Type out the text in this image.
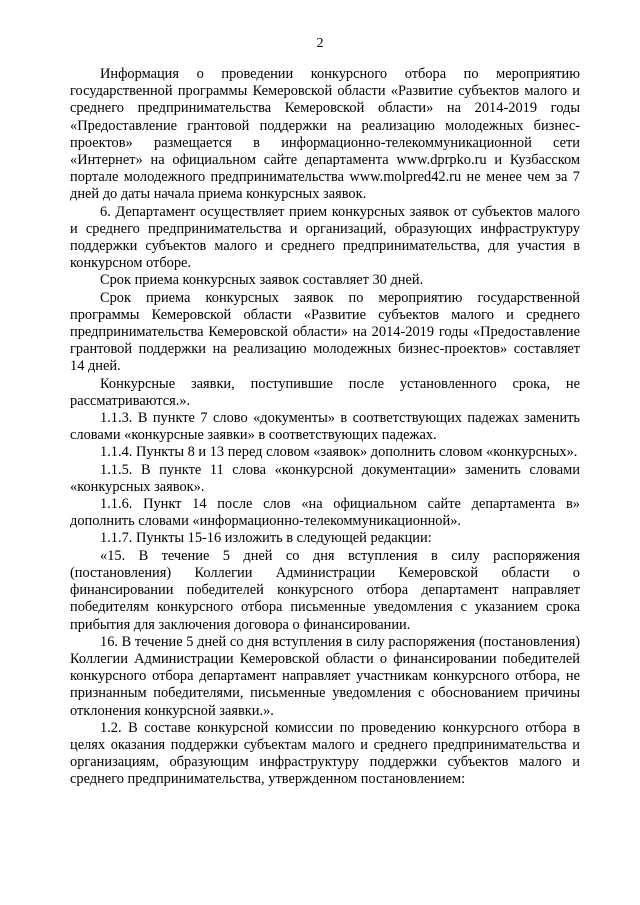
2

Информация о проведении конкурсного отбора по мероприятию государственной программы Кемеровской области «Развитие субъектов малого и среднего предпринимательства Кемеровской области» на 2014-2019 годы «Предоставление грантовой поддержки на реализацию молодежных бизнес-проектов» размещается в информационно-телекоммуникационной сети «Интернет» на официальном сайте департамента www.dprpko.ru и Кузбасском портале молодежного предпринимательства www.molpred42.ru не менее чем за 7 дней до даты начала приема конкурсных заявок.

6. Департамент осуществляет прием конкурсных заявок от субъектов малого и среднего предпринимательства и организаций, образующих инфраструктуру поддержки субъектов малого и среднего предпринимательства, для участия в конкурсном отборе.

Срок приема конкурсных заявок составляет 30 дней.

Срок приема конкурсных заявок по мероприятию государственной программы Кемеровской области «Развитие субъектов малого и среднего предпринимательства Кемеровской области» на 2014-2019 годы «Предоставление грантовой поддержки на реализацию молодежных бизнес-проектов» составляет 14 дней.

Конкурсные заявки, поступившие после установленного срока, не рассматриваются.».

1.1.3. В пункте 7 слово «документы» в соответствующих падежах заменить словами «конкурсные заявки» в соответствующих падежах.

1.1.4. Пункты 8 и 13 перед словом «заявок» дополнить словом «конкурсных».

1.1.5. В пункте 11 слова «конкурсной документации» заменить словами «конкурсных заявок».

1.1.6. Пункт 14 после слов «на официальном сайте департамента в» дополнить словами «информационно-телекоммуникационной».

1.1.7. Пункты 15-16 изложить в следующей редакции:

«15. В течение 5 дней со дня вступления в силу распоряжения (постановления) Коллегии Администрации Кемеровской области о финансировании победителей конкурсного отбора департамент направляет победителям конкурсного отбора письменные уведомления с указанием срока прибытия для заключения договора о финансировании.

16. В течение 5 дней со дня вступления в силу распоряжения (постановления) Коллегии Администрации Кемеровской области о финансировании победителей конкурсного отбора департамент направляет участникам конкурсного отбора, не признанным победителями, письменные уведомления с обоснованием причины отклонения конкурсной заявки.».

1.2. В составе конкурсной комиссии по проведению конкурсного отбора в целях оказания поддержки субъектам малого и среднего предпринимательства и организациям, образующим инфраструктуру поддержки субъектов малого и среднего предпринимательства, утвержденном постановлением:
